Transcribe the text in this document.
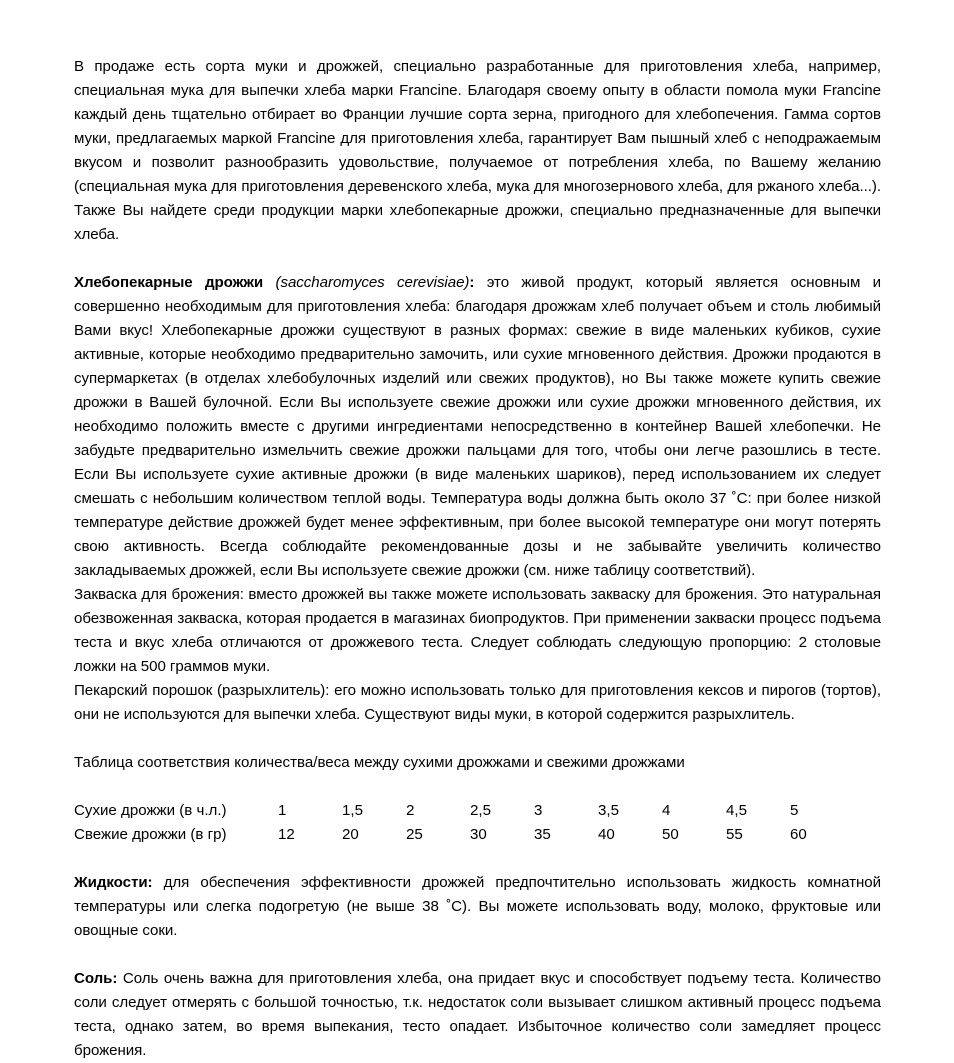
В продаже есть сорта муки и дрожжей, специально разработанные для приготовления хлеба, например, специальная мука для выпечки хлеба марки Francine. Благодаря своему опыту в области помола муки Francine каждый день тщательно отбирает во Франции лучшие сорта зерна, пригодного для хлебопечения. Гамма сортов муки, предлагаемых маркой Francine для приготовления хлеба, гарантирует Вам пышный хлеб с неподражаемым вкусом и позволит разнообразить удовольствие, получаемое от потребления хлеба, по Вашему желанию (специальная мука для приготовления деревенского хлеба, мука для многозернового хлеба, для ржаного хлеба...). Также Вы найдете среди продукции марки хлебопекарные дрожжи, специально предназначенные для выпечки хлеба.

Хлебопекарные дрожжи (saccharomyces cerevisiae): это живой продукт, который является основным и совершенно необходимым для приготовления хлеба: благодаря дрожжам хлеб получает объем и столь любимый Вами вкус! Хлебопекарные дрожжи существуют в разных формах: свежие в виде маленьких кубиков, сухие активные, которые необходимо предварительно замочить, или сухие мгновенного действия. Дрожжи продаются в супермаркетах (в отделах хлебобулочных изделий или свежих продуктов), но Вы также можете купить свежие дрожжи в Вашей булочной. Если Вы используете свежие дрожжи или сухие дрожжи мгновенного действия, их необходимо положить вместе с другими ингредиентами непосредственно в контейнер Вашей хлебопечки. Не забудьте предварительно измельчить свежие дрожжи пальцами для того, чтобы они легче разошлись в тесте. Если Вы используете сухие активные дрожжи (в виде маленьких шариков), перед использованием их следует смешать с небольшим количеством теплой воды. Температура воды должна быть около 37 ˚С: при более низкой температуре действие дрожжей будет менее эффективным, при более высокой температуре они могут потерять свою активность. Всегда соблюдайте рекомендованные дозы и не забывайте увеличить количество закладываемых дрожжей, если Вы используете свежие дрожжи (см. ниже таблицу соответствий).

Закваска для брожения: вместо дрожжей вы также можете использовать закваску для брожения. Это натуральная обезвоженная закваска, которая продается в магазинах биопродуктов. При применении закваски процесс подъема теста и вкус хлеба отличаются от дрожжевого теста. Следует соблюдать следующую пропорцию: 2 столовые ложки на 500 граммов муки.

Пекарский порошок (разрыхлитель): его можно использовать только для приготовления кексов и пирогов (тортов), они не используются для выпечки хлеба. Существуют виды муки, в которой содержится разрыхлитель.

Таблица соответствия количества/веса между сухими дрожжами и свежими дрожжами

Сухие дрожжи (в ч.л.)	1	1,5	2	2,5	3	3,5	4	4,5	5
Свежие дрожжи (в гр)	12	20	25	30	35	40	50	55	60

Жидкости: для обеспечения эффективности дрожжей предпочтительно использовать жидкость комнатной температуры или слегка подогретую (не выше 38 ˚С). Вы можете использовать воду, молоко, фруктовые или овощные соки.

Соль: Соль очень важна для приготовления хлеба, она придает вкус и способствует подъему теста. Количество соли следует отмерять с большой точностью, т.к. недостаток соли вызывает слишком активный процесс подъема теста, однако затем, во время выпекания, тесто опадает. Избыточное количество соли замедляет процесс брожения.
